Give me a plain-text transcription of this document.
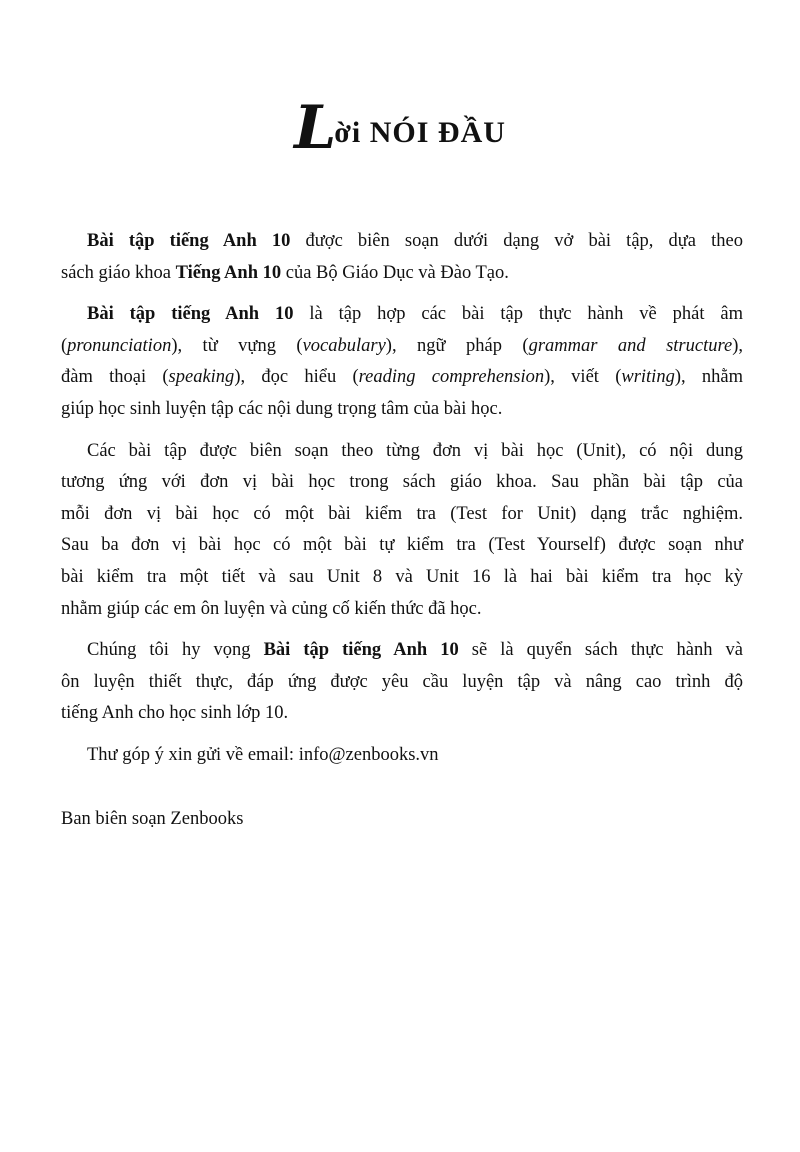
Lời NÓI ĐẦU

Bài tập tiếng Anh 10 được biên soạn dưới dạng vở bài tập, dựa theo
sách giáo khoa Tiếng Anh 10 của Bộ Giáo Dục và Đào Tạo.

Bài tập tiếng Anh 10 là tập hợp các bài tập thực hành về phát âm
(pronunciation), từ vựng (vocabulary), ngữ pháp (grammar and structure),
đàm thoại (speaking), đọc hiểu (reading comprehension), viết (writing), nhằm
giúp học sinh luyện tập các nội dung trọng tâm của bài học.

Các bài tập được biên soạn theo từng đơn vị bài học (Unit), có nội dung
tương ứng với đơn vị bài học trong sách giáo khoa. Sau phần bài tập của
mỗi đơn vị bài học có một bài kiểm tra (Test for Unit) dạng trắc nghiệm.
Sau ba đơn vị bài học có một bài tự kiểm tra (Test Yourself) được soạn như
bài kiểm tra một tiết và sau Unit 8 và Unit 16 là hai bài kiểm tra học kỳ
nhằm giúp các em ôn luyện và củng cố kiến thức đã học.

Chúng tôi hy vọng Bài tập tiếng Anh 10 sẽ là quyển sách thực hành và
ôn luyện thiết thực, đáp ứng được yêu cầu luyện tập và nâng cao trình độ
tiếng Anh cho học sinh lớp 10.

Thư góp ý xin gửi về email: info@zenbooks.vn

Ban biên soạn Zenbooks
